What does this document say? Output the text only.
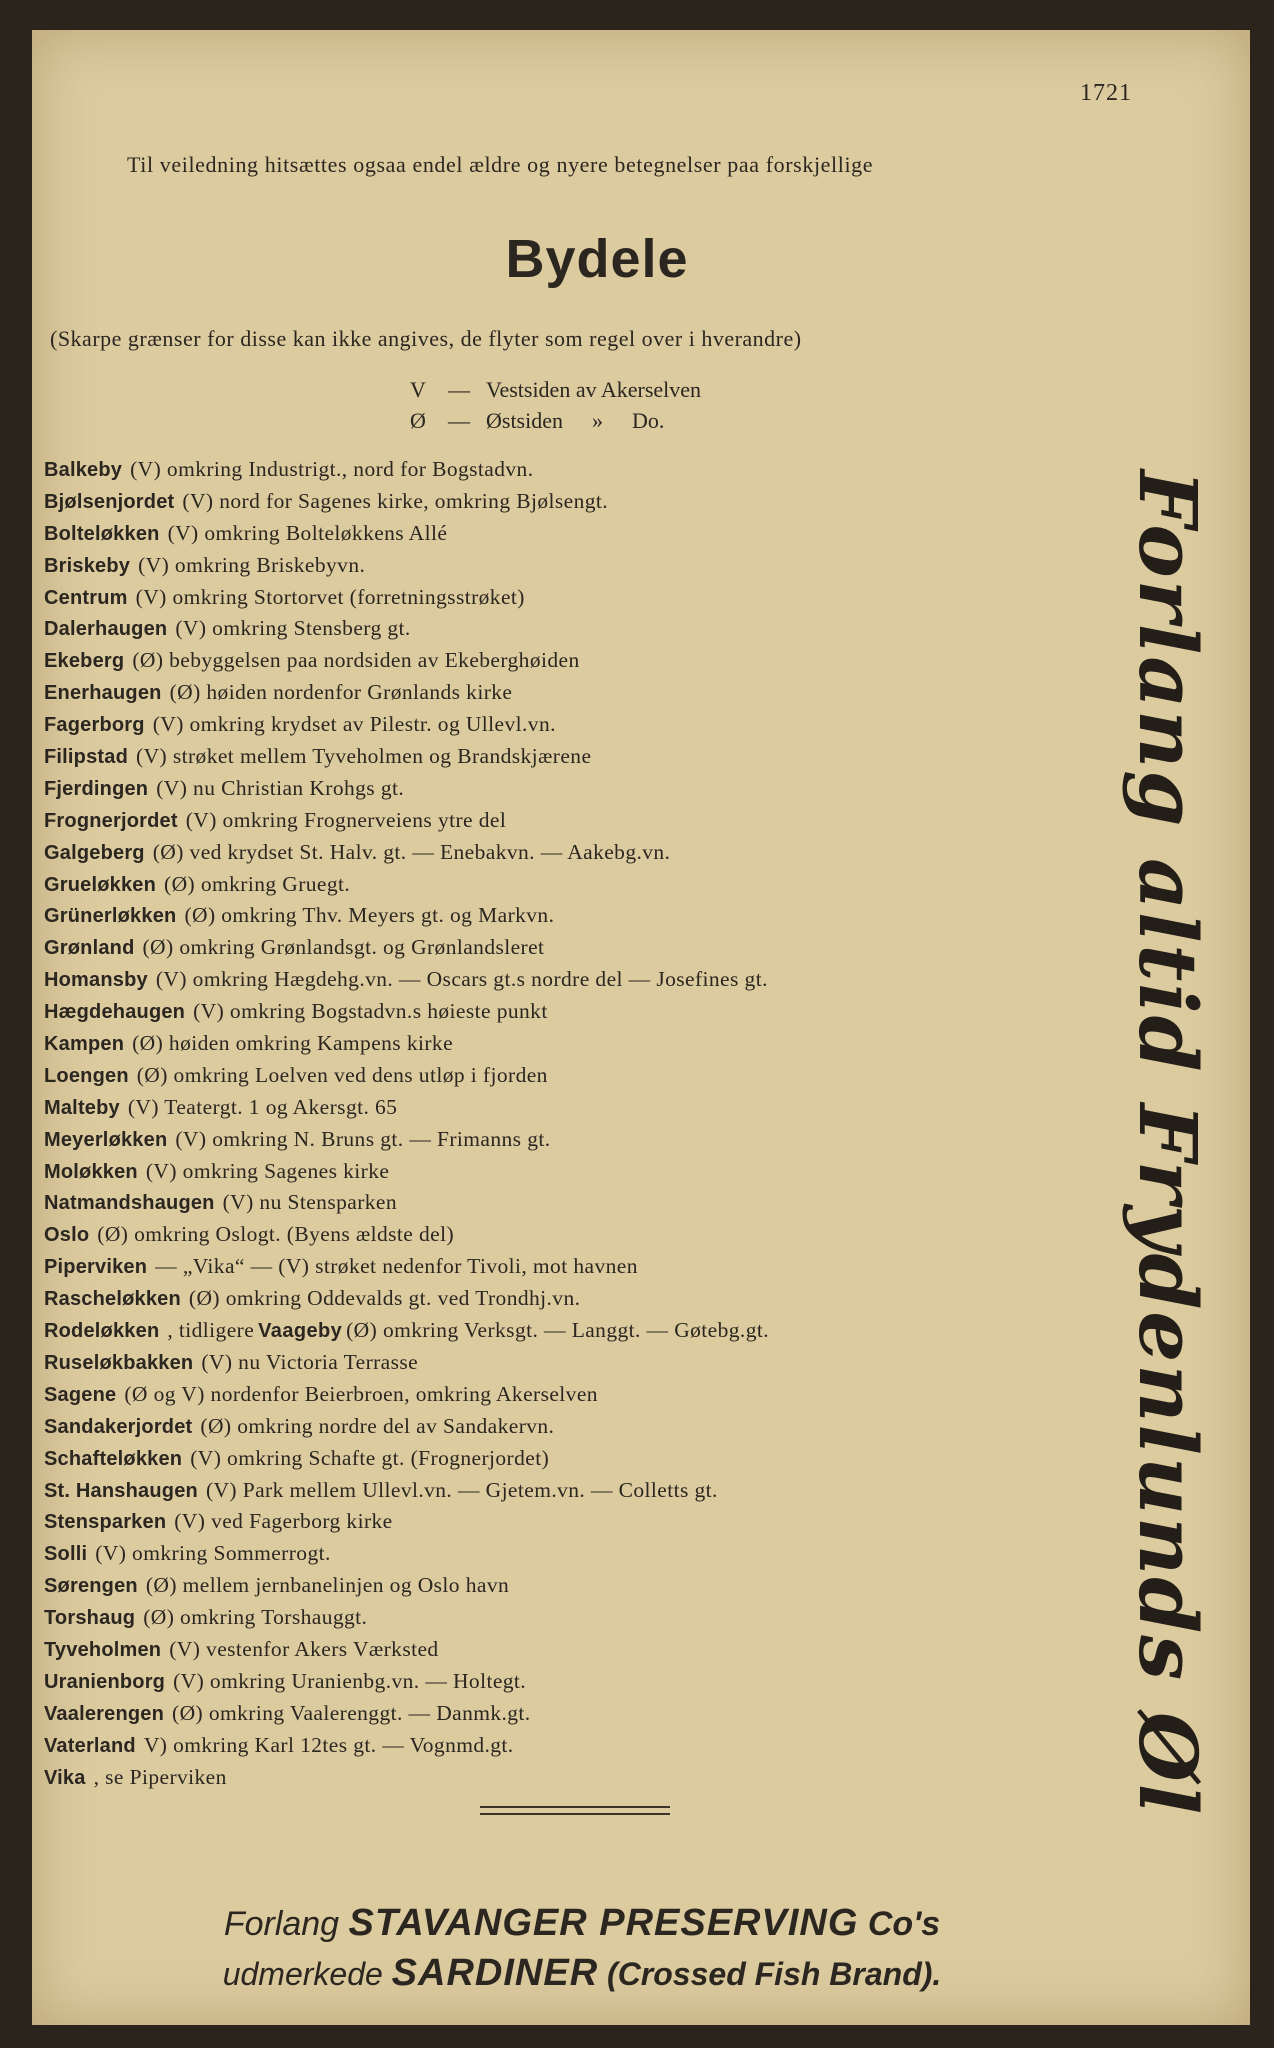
1721
Til veiledning hitsættes ogsaa endel ældre og nyere betegnelser paa forskjellige
Bydele
(Skarpe grænser for disse kan ikke angives, de flyter som regel over i hverandre)
V — Vestsiden av Akerselven
Ø — Østsiden » Do.
Balkeby (V) omkring Industrigt., nord for Bogstadvn.
Bjølsenjordet (V) nord for Sagenes kirke, omkring Bjølsengt.
Bolteløkken (V) omkring Bolteløkkens Allé
Briskeby (V) omkring Briskebyvn.
Centrum (V) omkring Stortorvet (forretningsstrøket)
Dalerhaugen (V) omkring Stensberg gt.
Ekeberg (Ø) bebyggelsen paa nordsiden av Ekeberghøiden
Enerhaugen (Ø) høiden nordenfor Grønlands kirke
Fagerborg (V) omkring krydset av Pilestr. og Ullevl.vn.
Filipstad (V) strøket mellem Tyveholmen og Brandskjærene
Fjerdingen (V) nu Christian Krohgs gt.
Frognerjordet (V) omkring Frognerveiens ytre del
Galgeberg (Ø) ved krydset St. Halv. gt. — Enebakvn. — Aakebg.vn.
Grueløkken (Ø) omkring Gruegt.
Grünerløkken (Ø) omkring Thv. Meyers gt. og Markvn.
Grønland (Ø) omkring Grønlandsgt. og Grønlandsleret
Homansby (V) omkring Hægdehg.vn. — Oscars gt.s nordre del — Josefines gt.
Hægdehaugen (V) omkring Bogstadvn.s høieste punkt
Kampen (Ø) høiden omkring Kampens kirke
Loengen (Ø) omkring Loelven ved dens utløp i fjorden
Malteby (V) Teatergt. 1 og Akersgt. 65
Meyerløkken (V) omkring N. Bruns gt. — Frimanns gt.
Moløkken (V) omkring Sagenes kirke
Natmandshaugen (V) nu Stensparken
Oslo (Ø) omkring Oslogt. (Byens ældste del)
Piperviken — „Vika“ — (V) strøket nedenfor Tivoli, mot havnen
Rascheløkken (Ø) omkring Oddevalds gt. ved Trondhj.vn.
Rodeløkken , tidligere Vaageby (Ø) omkring Verksgt. — Langgt. — Gøtebg.gt.
Ruseløkbakken (V) nu Victoria Terrasse
Sagene (Ø og V) nordenfor Beierbroen, omkring Akerselven
Sandakerjordet (Ø) omkring nordre del av Sandakervn.
Schafteløkken (V) omkring Schafte gt. (Frognerjordet)
St. Hanshaugen (V) Park mellem Ullevl.vn. — Gjetem.vn. — Colletts gt.
Stensparken (V) ved Fagerborg kirke
Solli (V) omkring Sommerrogt.
Sørengen (Ø) mellem jernbanelinjen og Oslo havn
Torshaug (Ø) omkring Torshauggt.
Tyveholmen (V) vestenfor Akers Værksted
Uranienborg (V) omkring Uranienbg.vn. — Holtegt.
Vaalerengen (Ø) omkring Vaalerenggt. — Danmk.gt.
Vaterland V) omkring Karl 12tes gt. — Vognmd.gt.
Vika , se Piperviken	Forlang altid Frydenlunds Øl
Forlang STAVANGER PRESERVING Co's
udmerkede SARDINER (Crossed Fish Brand).
